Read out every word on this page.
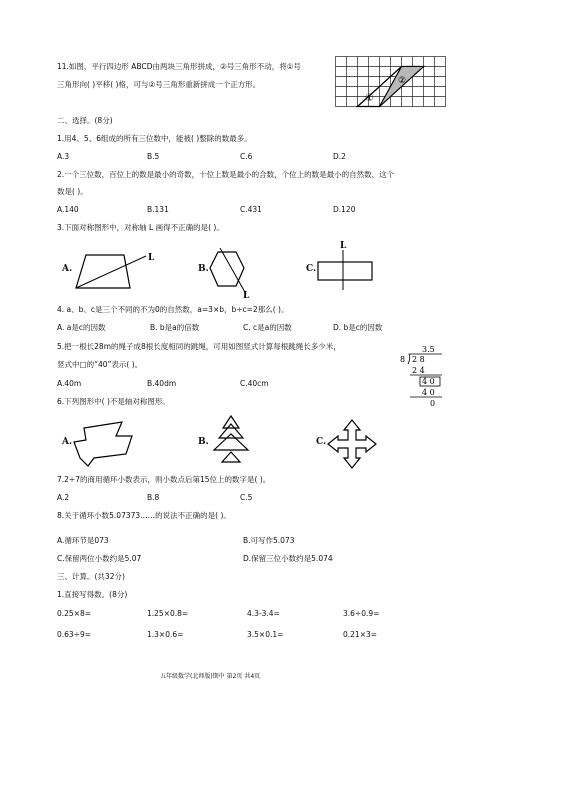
11.如图，平行四边形 ABCD由两块三角形拼成，②号三角形不动，将①号
三角形向( )平移( )格，可与②号三角形重新拼成一个正方形。
①
②
二、选择。(8分)
1.用4、5、6组成的所有三位数中，能被( )整除的数最多。
A.3	B.5	C.6	D.2
2.一个三位数，百位上的数是最小的奇数，十位上数是最小的合数，个位上的数是最小的自然数，这个
数是( )。
A.140	B.131	C.431	D.120
3.下面对称图形中，对称轴 L 画得不正确的是( )。
A.
L
B.
L
C.
L
4. a、b、c是三个不同的不为0的自然数，a=3×b，b÷c=2那么( )。
A. a是c的因数	B. b是a的倍数	C. c是a的因数	D. b是c的因数
5.把一根长28m的绳子成8根长度相同的跳绳，可用如图竖式计算每根跳绳长多少米，
竖式中□的“40”表示( )。
A.40m	B.40dm	C.40cm
3.5
8 2 8
2 4
4 0
4 0
0
6.下列图形中( )不是轴对称图形。
A.	B.	C.
7.2÷7的商用循环小数表示，则小数点后第15位上的数字是( )。
A.2	B.8	C.5
8.关于循环小数5.07373……的说法不正确的是( )。
A.循环节是073	B.可写作5.073
C.保留两位小数约是5.07	D.保留三位小数约是5.074
三、计算。(共32分)
1.直接写得数。(8分)
0.25×8=	1.25×0.8=	4.3-3.4=	3.6÷0.9=
0.63÷9=	1.3×0.6=	3.5×0.1=	0.21×3=
五年级数学(北师版)期中 第2页 共4页
